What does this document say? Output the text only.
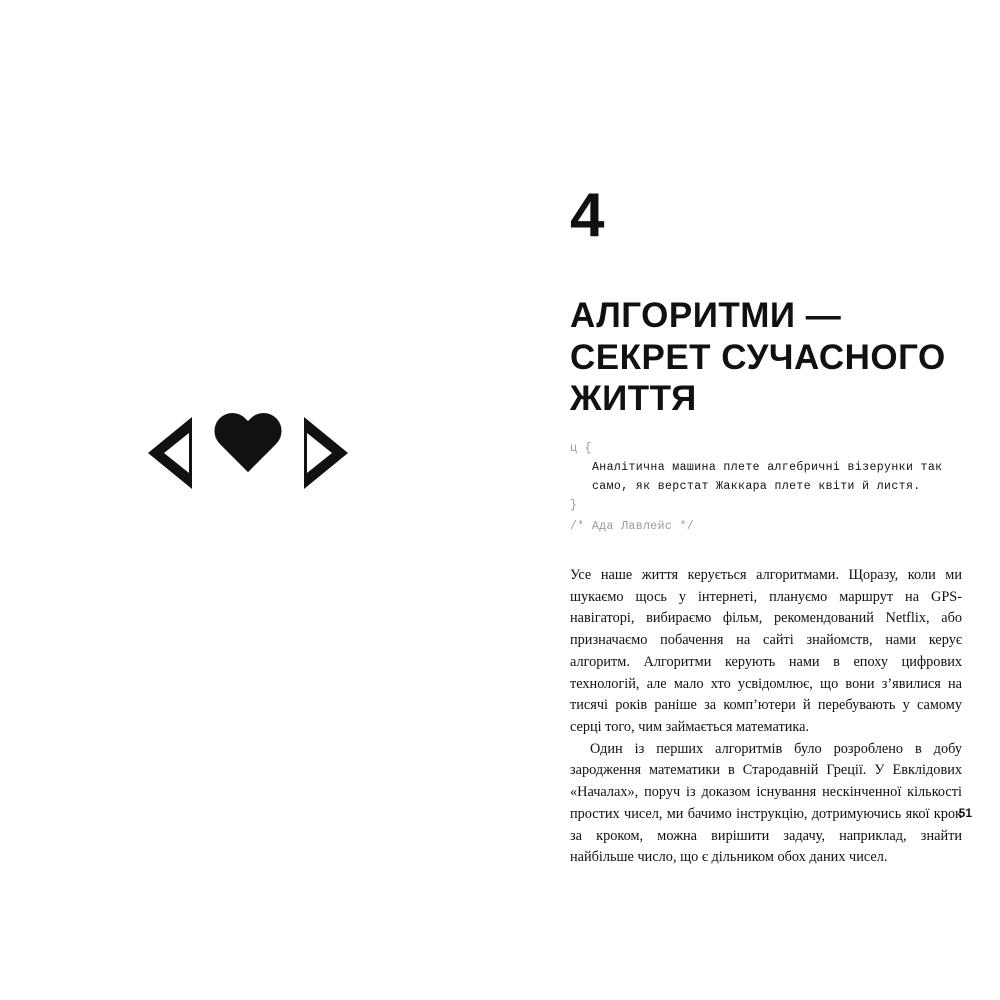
4
АЛГОРИТМИ — СЕКРЕТ СУЧАСНОГО ЖИТТЯ
ц {
Аналітична машина плете алгебричні візерунки так само, як верстат Жаккара плете квіти й листя.
}
/* Ада Лавлейс */

Усе наше життя керується алгоритмами. Щоразу, коли ми шукаємо щось у інтернеті, плануємо маршрут на GPS-навігаторі, вибираємо фільм, рекомендований Netflix, або призначаємо побачення на сайті знайомств, нами керує алгоритм. Алгоритми керують нами в епоху цифрових технологій, але мало хто усвідомлює, що вони з’явилися на тисячі років раніше за комп’ютери й перебувають у самому серці того, чим займається математика.

Один із перших алгоритмів було розроблено в добу зародження математики в Стародавній Греції. У Евклідових «Началах», поруч із доказом існування нескінченної кількості простих чисел, ми бачимо інструкцію, дотримуючись якої крок за кроком, можна вирішити задачу, наприклад, знайти найбільше число, що є дільником обох даних чисел.

51
